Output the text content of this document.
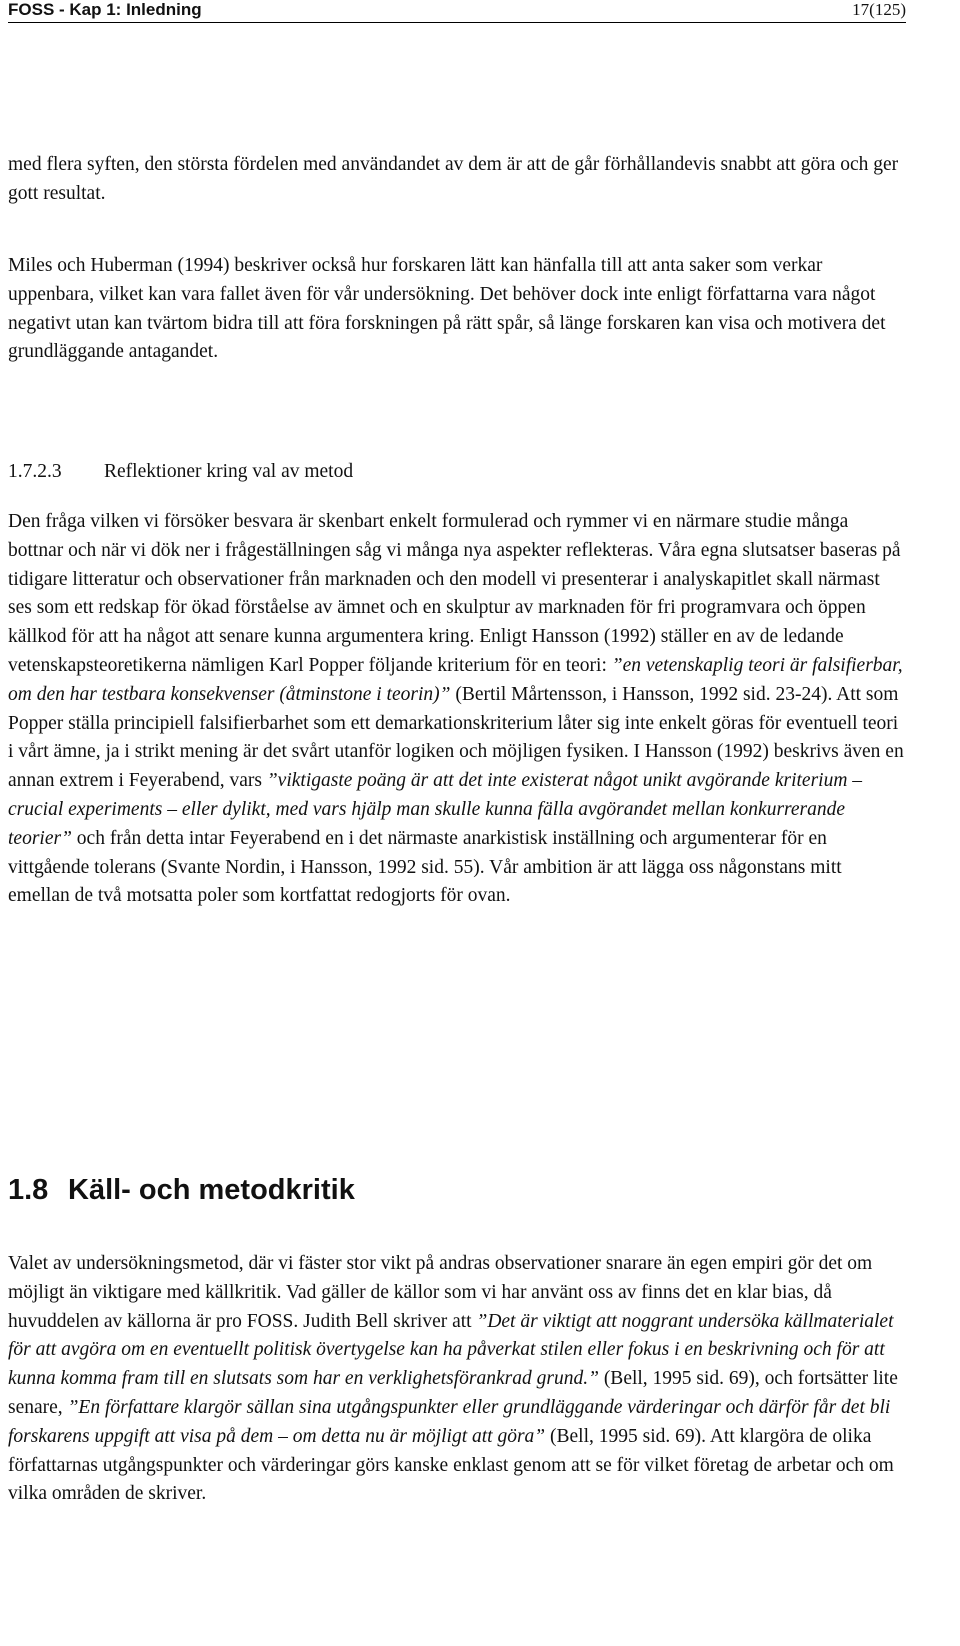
FOSS - Kap 1: Inledning	17(125)

med flera syften, den största fördelen med användandet av dem är att de går förhållandevis snabbt att göra och ger gott resultat.

Miles och Huberman (1994) beskriver också hur forskaren lätt kan hänfalla till att anta saker som verkar uppenbara, vilket kan vara fallet även för vår undersökning. Det behöver dock inte enligt författarna vara något negativt utan kan tvärtom bidra till att föra forskningen på rätt spår, så länge forskaren kan visa och motivera det grundläggande antagandet.

1.7.2.3	Reflektioner kring val av metod

Den fråga vilken vi försöker besvara är skenbart enkelt formulerad och rymmer vi en närmare studie många bottnar och när vi dök ner i frågeställningen såg vi många nya aspekter reflekteras. Våra egna slutsatser baseras på tidigare litteratur och observationer från marknaden och den modell vi presenterar i analyskapitlet skall närmast ses som ett redskap för ökad förståelse av ämnet och en skulptur av marknaden för fri programvara och öppen källkod för att ha något att senare kunna argumentera kring. Enligt Hansson (1992) ställer en av de ledande vetenskapsteoretikerna nämligen Karl Popper följande kriterium för en teori: ”en vetenskaplig teori är falsifierbar, om den har testbara konsekvenser (åtminstone i teorin)” (Bertil Mårtensson, i Hansson, 1992 sid. 23-24). Att som Popper ställa principiell falsifierbarhet som ett demarkationskriterium låter sig inte enkelt göras för eventuell teori i vårt ämne, ja i strikt mening är det svårt utanför logiken och möjligen fysiken. I Hansson (1992) beskrivs även en annan extrem i Feyerabend, vars ”viktigaste poäng är att det inte existerat något unikt avgörande kriterium – crucial experiments – eller dylikt, med vars hjälp man skulle kunna fälla avgörandet mellan konkurrerande teorier” och från detta intar Feyerabend en i det närmaste anarkistisk inställning och argumenterar för en vittgående tolerans (Svante Nordin, i Hansson, 1992 sid. 55). Vår ambition är att lägga oss någonstans mitt emellan de två motsatta poler som kortfattat redogjorts för ovan.

1.8 Käll- och metodkritik

Valet av undersökningsmetod, där vi fäster stor vikt på andras observationer snarare än egen empiri gör det om möjligt än viktigare med källkritik. Vad gäller de källor som vi har använt oss av finns det en klar bias, då huvuddelen av källorna är pro FOSS. Judith Bell skriver att ”Det är viktigt att noggrant undersöka källmaterialet för att avgöra om en eventuellt politisk övertygelse kan ha påverkat stilen eller fokus i en beskrivning och för att kunna komma fram till en slutsats som har en verklighetsförankrad grund.” (Bell, 1995 sid. 69), och fortsätter lite senare, ”En författare klargör sällan sina utgångspunkter eller grundläggande värderingar och därför får det bli forskarens uppgift att visa på dem – om detta nu är möjligt att göra” (Bell, 1995 sid. 69). Att klargöra de olika författarnas utgångspunkter och värderingar görs kanske enklast genom att se för vilket företag de arbetar och om vilka områden de skriver.
